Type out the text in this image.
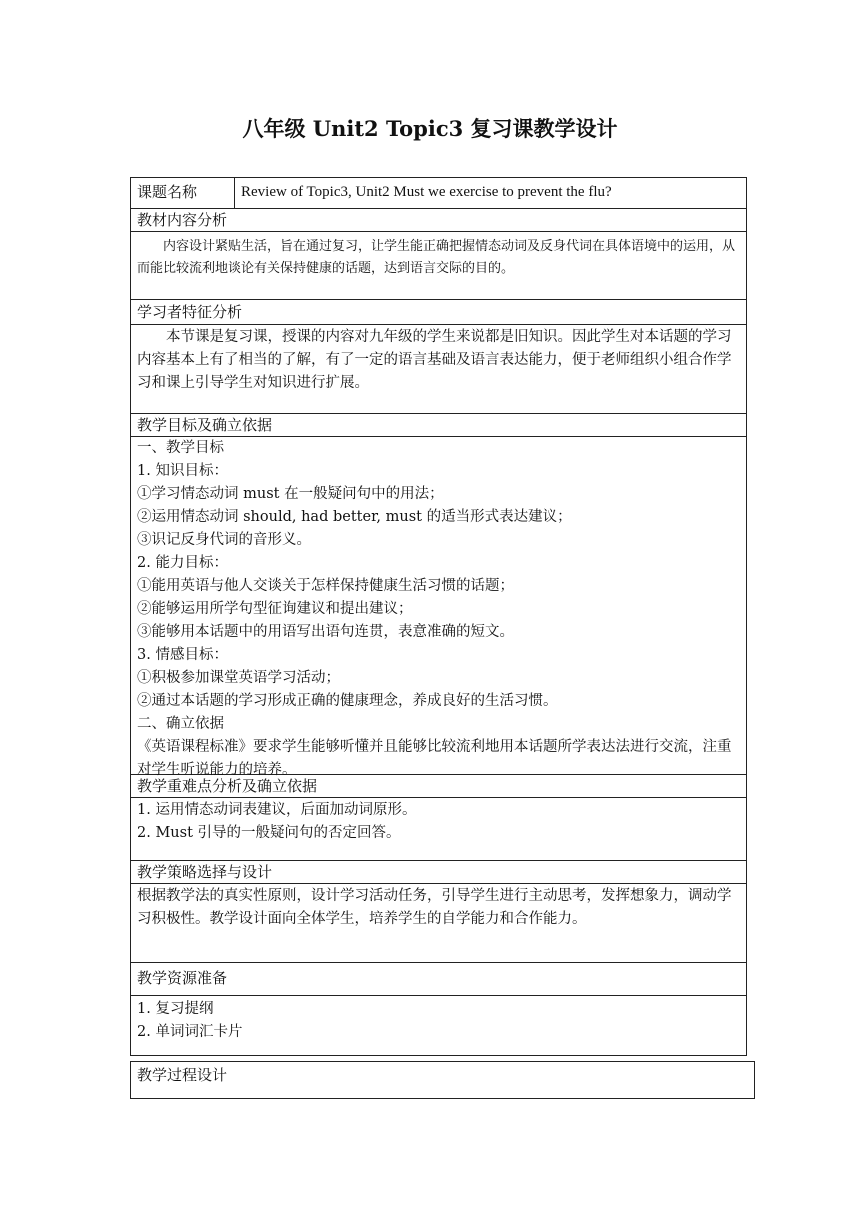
八年级 Unit2 Topic3 复习课教学设计
课题名称	Review of Topic3, Unit2 Must we exercise to prevent the flu?
教材内容分析
内容设计紧贴生活，旨在通过复习，让学生能正确把握情态动词及反身代词在具体语境中的运用，从而能比较流利地谈论有关保持健康的话题，达到语言交际的目的。
学习者特征分析
本节课是复习课，授课的内容对九年级的学生来说都是旧知识。因此学生对本话题的学习内容基本上有了相当的了解，有了一定的语言基础及语言表达能力，便于老师组织小组合作学习和课上引导学生对知识进行扩展。
教学目标及确立依据
一、教学目标
1. 知识目标：
①学习情态动词 must 在一般疑问句中的用法；
②运用情态动词 should, had better, must 的适当形式表达建议；
③识记反身代词的音形义。
2. 能力目标：
①能用英语与他人交谈关于怎样保持健康生活习惯的话题；
②能够运用所学句型征询建议和提出建议；
③能够用本话题中的用语写出语句连贯，表意准确的短文。
3. 情感目标：
①积极参加课堂英语学习活动；
②通过本话题的学习形成正确的健康理念，养成良好的生活习惯。
二、确立依据
《英语课程标准》要求学生能够听懂并且能够比较流利地用本话题所学表达法进行交流，注重对学生听说能力的培养。
教学重难点分析及确立依据
1. 运用情态动词表建议，后面加动词原形。
2. Must 引导的一般疑问句的否定回答。
教学策略选择与设计
根据教学法的真实性原则，设计学习活动任务，引导学生进行主动思考，发挥想象力，调动学习积极性。教学设计面向全体学生，培养学生的自学能力和合作能力。
教学资源准备
1. 复习提纲
2. 单词词汇卡片
教学过程设计
